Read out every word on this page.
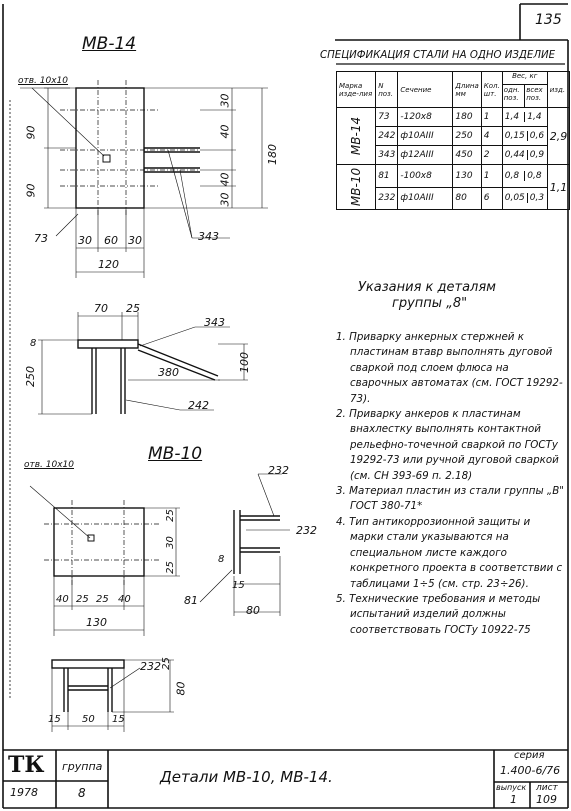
135
МВ-14
отв. 10х10
90
90
30
40
40
30
180
30 60 30
120
73	343
70 25
8
250
100
343
380
242
МВ-10
отв. 10х10
40 25 25 40
130
25
30
25
232
232
81
15
80
8
232 25
80
15 50 15
СПЕЦИФИКАЦИЯ СТАЛИ НА ОДНО ИЗДЕЛИЕ
Марка изде-лия	N поз.	Сечение	Длина мм	Кол. шт.	Вес, кг
одн. поз.
всех поз.	изд.
МВ-14	73	-120х8	180	1	1,4 1,4	2,9
	242	ф10АIII	250	4	0,15 0,6	

	343	ф12АIII	450	2	0,44 0,9	

МВ-10	81	-100х8	130	1	0,8 0,8	1,1
	232	ф10АIII	80	6	0,05 0,3	
Указания к деталям
группы „8"

1. Приварку анкерных стержней к пластинам втавр выполнять дуговой сваркой под слоем флюса на сварочных автоматах (см. ГОСТ 19292-73).

2. Приварку анкеров к пластинам внахлестку выполнять контактной рельефно-точечной сваркой по ГОСТу 19292-73 или ручной дуговой сваркой (см. СН 393-69 п. 2.18)

3. Материал пластин из стали группы „В" ГОСТ 380-71*

4. Тип антикоррозионной защиты и марки стали указываются на специальном листе каждого конкретного проекта в соответствии с таблицами 1÷5 (см. стр. 23÷26).

5. Технические требования и методы испытаний изделий должны соответствовать ГОСТу 10922-75

ТК группа
1978	8
Детали МВ-10, МВ-14.
серия
1.400-6/76
выпуск
1
лист
109
